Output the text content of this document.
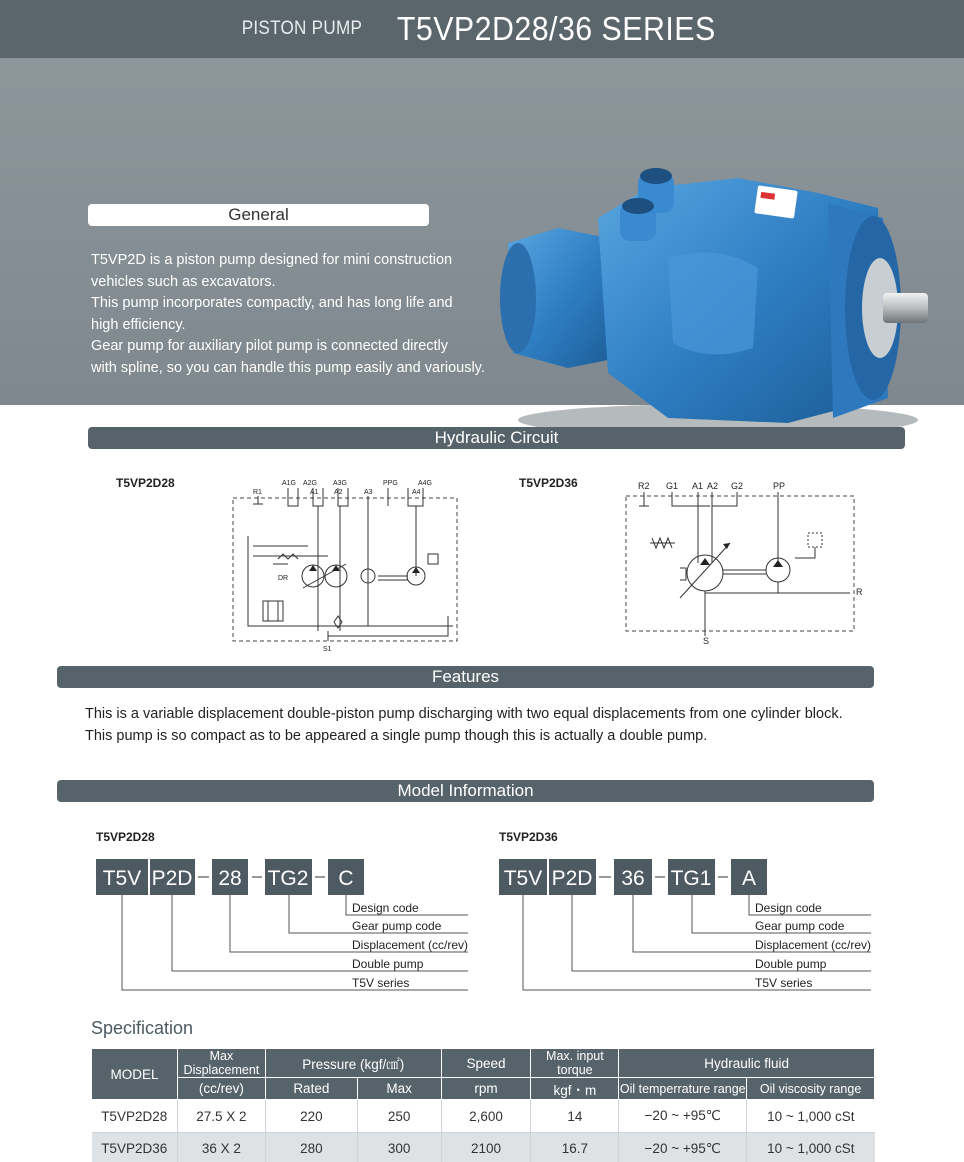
PISTON PUMP T5VP2D28/36 SERIES
General

T5VP2D is a piston pump designed for mini construction

vehicles such as excavators.

This pump incorporates compactly, and has long life and

high efficiency.

Gear pump for auxiliary pilot pump is connected directly

with spline, so you can handle this pump easily and variously.

Hydraulic Circuit
T5VP2D28	T5VP2D36
A1G A2G A3G	PPG	A4G
R1	A1 A2	A3	A4
S1
DR
R2 G1 A1 A2 G2	PP
R
S
Features

This is a variable displacement double-piston pump discharging with two equal displacements from one cylinder block.

This pump is so compact as to be appeared a single pump though this is actually a double pump.

Model Information
T5VP2D28	T5VP2D36
T5V P2D 28 TG2 C
Design code
Gear pump code
Displacement (cc/rev)
Double pump
T5V series
T5V P2D 36 TG1 A
Design code
Gear pump code
Displacement (cc/rev)
Double pump
T5V series
Specification
MODEL	Max Displacement	Pressure (kgf/㎠)		Speed	Max. input torque	Hydraulic fluid	
	(cc/rev)	Rated	Max	rpm	kgf・m	Oil temperrature range	Oil viscosity range
T5VP2D28	27.5 X 2	220	250	2,600	14	−20 ~ +95℃	10 ~ 1,000 cSt
T5VP2D36	36 X 2	280	300	2100	16.7	−20 ~ +95℃	10 ~ 1,000 cSt
